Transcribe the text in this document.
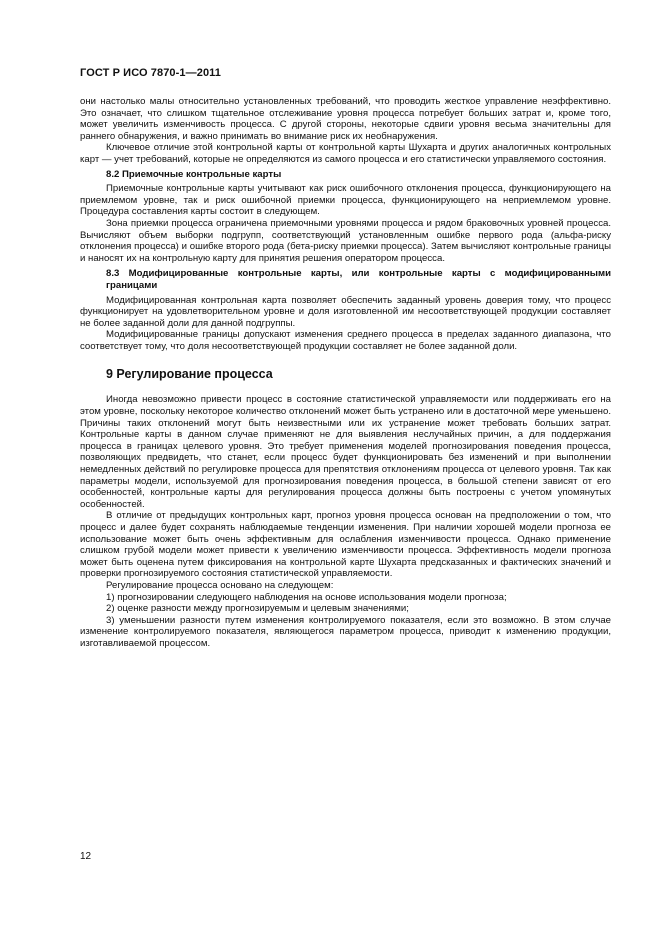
ГОСТ Р ИСО 7870-1—2011

они настолько малы относительно установленных требований, что проводить жесткое управление неэффективно. Это означает, что слишком тщательное отслеживание уровня процесса потребует больших затрат и, кроме того, может увеличить изменчивость процесса. С другой стороны, некоторые сдвиги уровня весьма значительны для раннего обнаружения, и важно принимать во внимание риск их необнаружения.

Ключевое отличие этой контрольной карты от контрольной карты Шухарта и других аналогичных контрольных карт — учет требований, которые не определяются из самого процесса и его статистически управляемого состояния.

8.2 Приемочные контрольные карты

Приемочные контрольные карты учитывают как риск ошибочного отклонения процесса, функционирующего на приемлемом уровне, так и риск ошибочной приемки процесса, функционирующего на неприемлемом уровне. Процедура составления карты состоит в следующем.

Зона приемки процесса ограничена приемочными уровнями процесса и рядом браковочных уровней процесса. Вычисляют объем выборки подгрупп, соответствующий установленным ошибке первого рода (альфа-риску отклонения процесса) и ошибке второго рода (бета-риску приемки процесса). Затем вычисляют контрольные границы и наносят их на контрольную карту для принятия решения оператором процесса.

8.3 Модифицированные контрольные карты, или контрольные карты с модифицированными границами

Модифицированная контрольная карта позволяет обеспечить заданный уровень доверия тому, что процесс функционирует на удовлетворительном уровне и доля изготовленной им несоответствующей продукции составляет не более заданной доли для данной подгруппы.

Модифицированные границы допускают изменения среднего процесса в пределах заданного диапазона, что соответствует тому, что доля несоответствующей продукции составляет не более заданной доли.

9 Регулирование процесса

Иногда невозможно привести процесс в состояние статистической управляемости или поддерживать его на этом уровне, поскольку некоторое количество отклонений может быть устранено или в достаточной мере уменьшено. Причины таких отклонений могут быть неизвестными или их устранение может требовать больших затрат. Контрольные карты в данном случае применяют не для выявления неслучайных причин, а для поддержания процесса в границах целевого уровня. Это требует применения моделей прогнозирования поведения процесса, позволяющих предвидеть, что станет, если процесс будет функционировать без изменений и при выполнении немедленных действий по регулировке процесса для препятствия отклонениям процесса от целевого уровня. Так как параметры модели, используемой для прогнозирования поведения процесса, в большой степени зависят от его особенностей, контрольные карты для регулирования процесса должны быть построены с учетом упомянутых особенностей.

В отличие от предыдущих контрольных карт, прогноз уровня процесса основан на предположении о том, что процесс и далее будет сохранять наблюдаемые тенденции изменения. При наличии хорошей модели прогноза ее использование может быть очень эффективным для ослабления изменчивости процесса. Однако применение слишком грубой модели может привести к увеличению изменчивости процесса. Эффективность модели прогноза может быть оценена путем фиксирования на контрольной карте Шухарта предсказанных и фактических значений и проверки прогнозируемого состояния статистической управляемости.

Регулирование процесса основано на следующем:

1) прогнозировании следующего наблюдения на основе использования модели прогноза;

2) оценке разности между прогнозируемым и целевым значениями;

3) уменьшении разности путем изменения контролируемого показателя, если это возможно. В этом случае изменение контролируемого показателя, являющегося параметром процесса, приводит к изменению продукции, изготавливаемой процессом.

12
